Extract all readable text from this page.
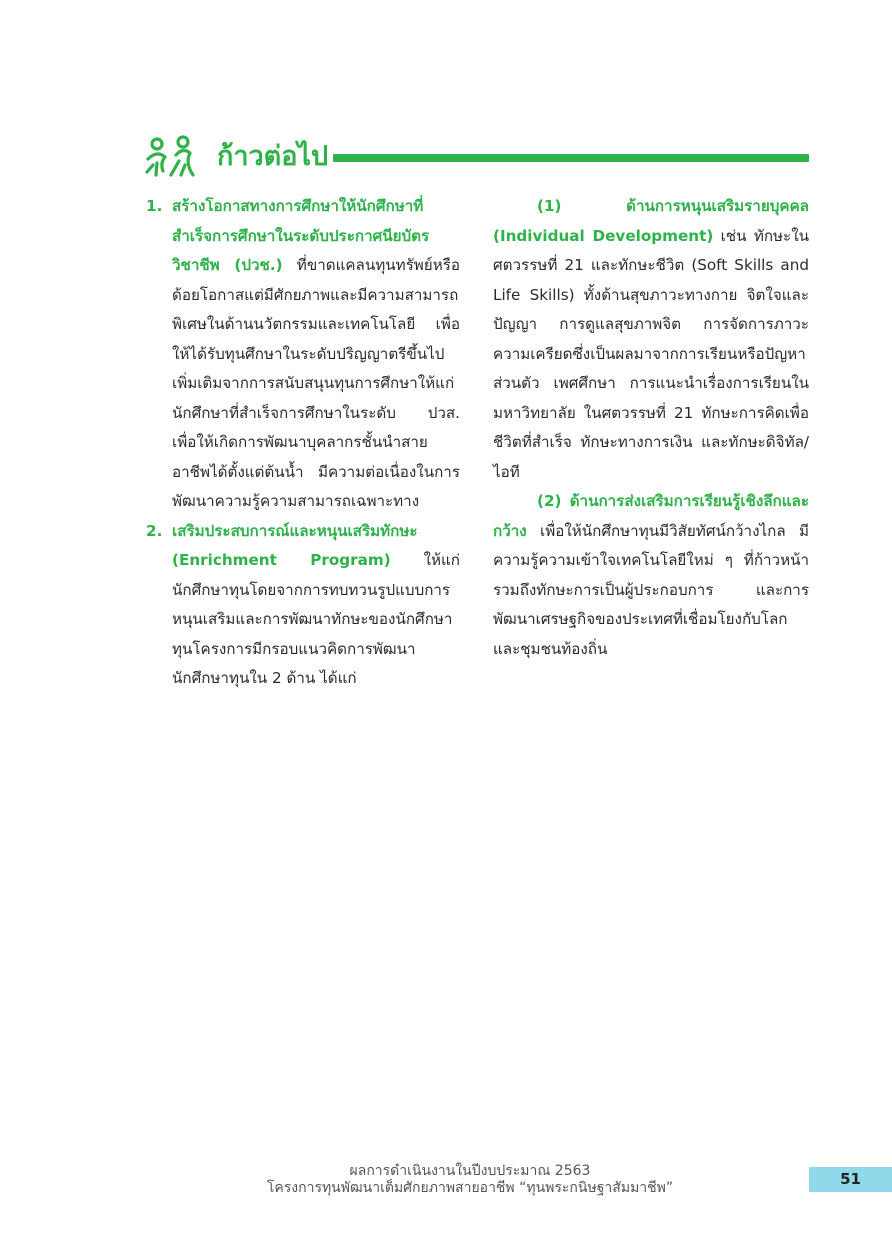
ก้าวต่อไป
1. สร้างโอกาสทางการศึกษาให้นักศึกษาที่สำเร็จการศึกษาในระดับประกาศนียบัตรวิชาชีพ (ปวช.) ที่ขาดแคลนทุนทรัพย์หรือด้อยโอกาสแต่มีศักยภาพและมีความสามารถพิเศษในด้านนวัตกรรมและเทคโนโลยี เพื่อให้ได้รับทุนศึกษาในระดับปริญญาตรีขึ้นไป เพิ่มเติมจากการสนับสนุนทุนการศึกษาให้แก่นักศึกษาที่สำเร็จการศึกษาในระดับ ปวส. เพื่อให้เกิดการพัฒนาบุคลากรชั้นนำสายอาชีพได้ตั้งแต่ต้นน้ำ มีความต่อเนื่องในการพัฒนาความรู้ความสามารถเฉพาะทาง
2. เสริมประสบการณ์และหนุนเสริมทักษะ (Enrichment Program) ให้แก่นักศึกษาทุนโดยจากการทบทวนรูปแบบการหนุนเสริมและการพัฒนาทักษะของนักศึกษาทุนโครงการมีกรอบแนวคิดการพัฒนานักศึกษาทุนใน 2 ด้าน ได้แก่

(1) ด้านการหนุนเสริมรายบุคคล (Individual Development) เช่น ทักษะในศตวรรษที่ 21 และทักษะชีวิต (Soft Skills and Life Skills) ทั้งด้านสุขภาวะทางกาย จิตใจและปัญญา การดูแลสุขภาพจิต การจัดการภาวะความเครียดซึ่งเป็นผลมาจากการเรียนหรือปัญหาส่วนตัว เพศศึกษา การแนะนำเรื่องการเรียนในมหาวิทยาลัย ในศตวรรษที่ 21 ทักษะการคิดเพื่อชีวิตที่สำเร็จ ทักษะทางการเงิน และทักษะดิจิทัล/ไอที

(2) ด้านการส่งเสริมการเรียนรู้เชิงลึกและกว้าง เพื่อให้นักศึกษาทุนมีวิสัยทัศน์กว้างไกล มีความรู้ความเข้าใจเทคโนโลยีใหม่ ๆ ที่ก้าวหน้า รวมถึงทักษะการเป็นผู้ประกอบการ และการพัฒนาเศรษฐกิจของประเทศที่เชื่อมโยงกับโลกและชุมชนท้องถิ่น

ผลการดำเนินงานในปีงบประมาณ 2563
โครงการทุนพัฒนาเต็มศักยภาพสายอาชีพ “ทุนพระกนิษฐาสัมมาชีพ”	51
